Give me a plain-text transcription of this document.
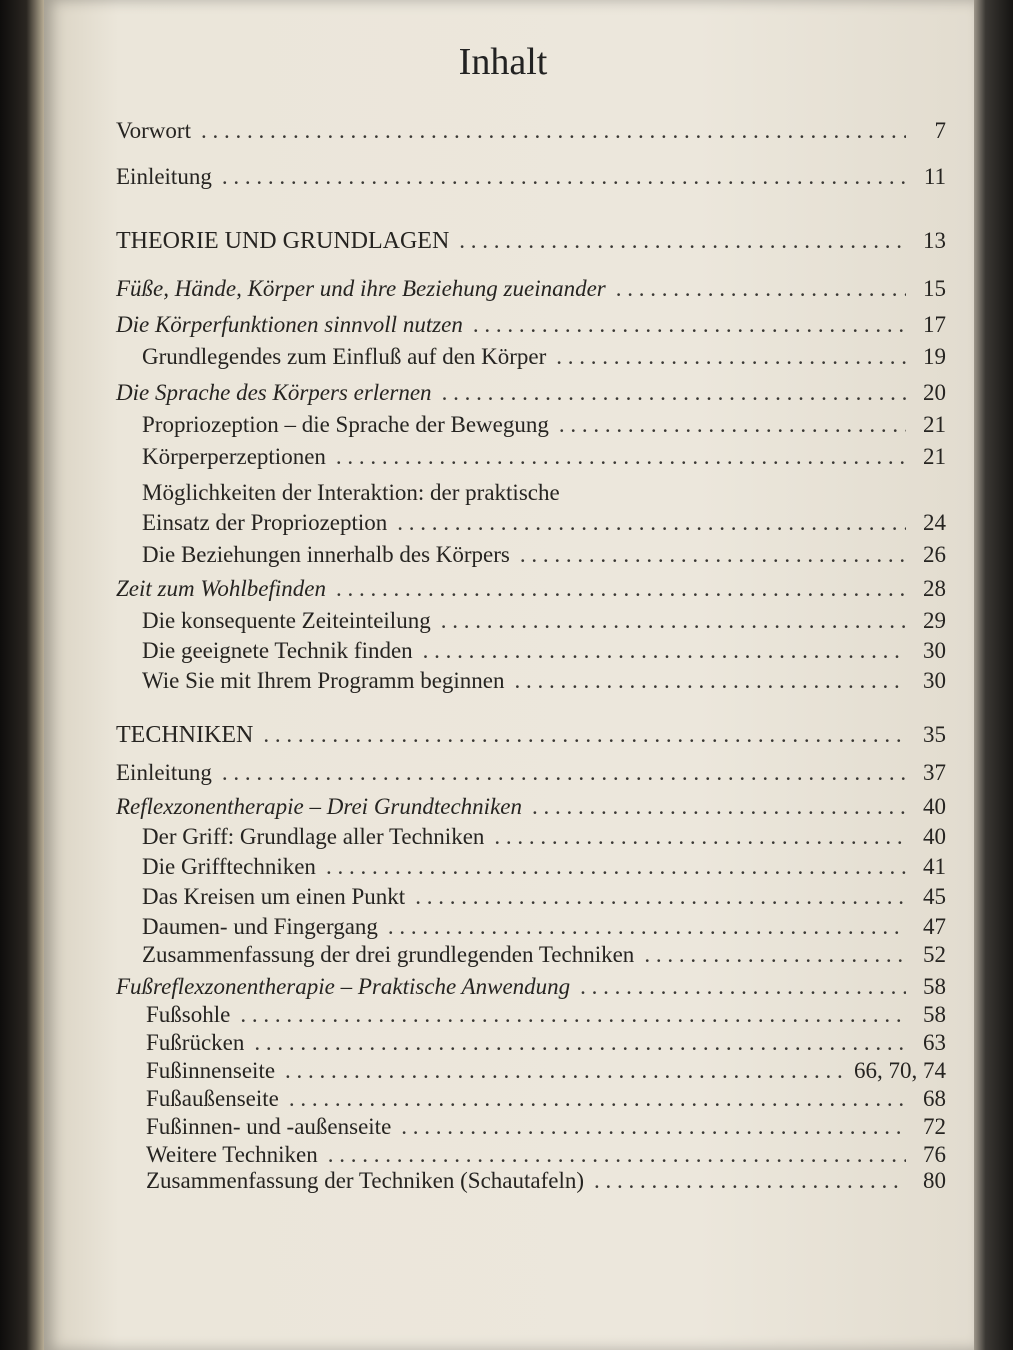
Inhalt
Vorwort . . .	7
Einleitung . . .	11
THEORIE UND GRUNDLAGEN . . .	13
Füße, Hände, Körper und ihre Beziehung zueinander . . .	15
Die Körperfunktionen sinnvoll nutzen . . .	17
Grundlegendes zum Einfluß auf den Körper . . .	19
Die Sprache des Körpers erlernen . . .	20
Propriozeption – die Sprache der Bewegung . . .	21
Körperperzeptionen . . .	21
Möglichkeiten der Interaktion: der praktische
Einsatz der Propriozeption . . .	24
Die Beziehungen innerhalb des Körpers . . .	26
Zeit zum Wohlbefinden . . .	28
Die konsequente Zeiteinteilung . . .	29
Die geeignete Technik finden . . .	30
Wie Sie mit Ihrem Programm beginnen . . .	30
TECHNIKEN . . .	35
Einleitung . . .	37
Reflexzonentherapie – Drei Grundtechniken . . .	40
Der Griff: Grundlage aller Techniken . . .	40
Die Grifftechniken . . .	41
Das Kreisen um einen Punkt . . .	45
Daumen- und Fingergang . . .	47
Zusammenfassung der drei grundlegenden Techniken . . .	52
Fußreflexzonentherapie – Praktische Anwendung . . .	58
Fußsohle . . .	58
Fußrücken . . .	63
Fußinnenseite . . .	66, 70, 74
Fußaußenseite . . .	68
Fußinnen- und -außenseite . . .	72
Weitere Techniken . . .	76
Zusammenfassung der Techniken (Schautafeln) . . .	80
